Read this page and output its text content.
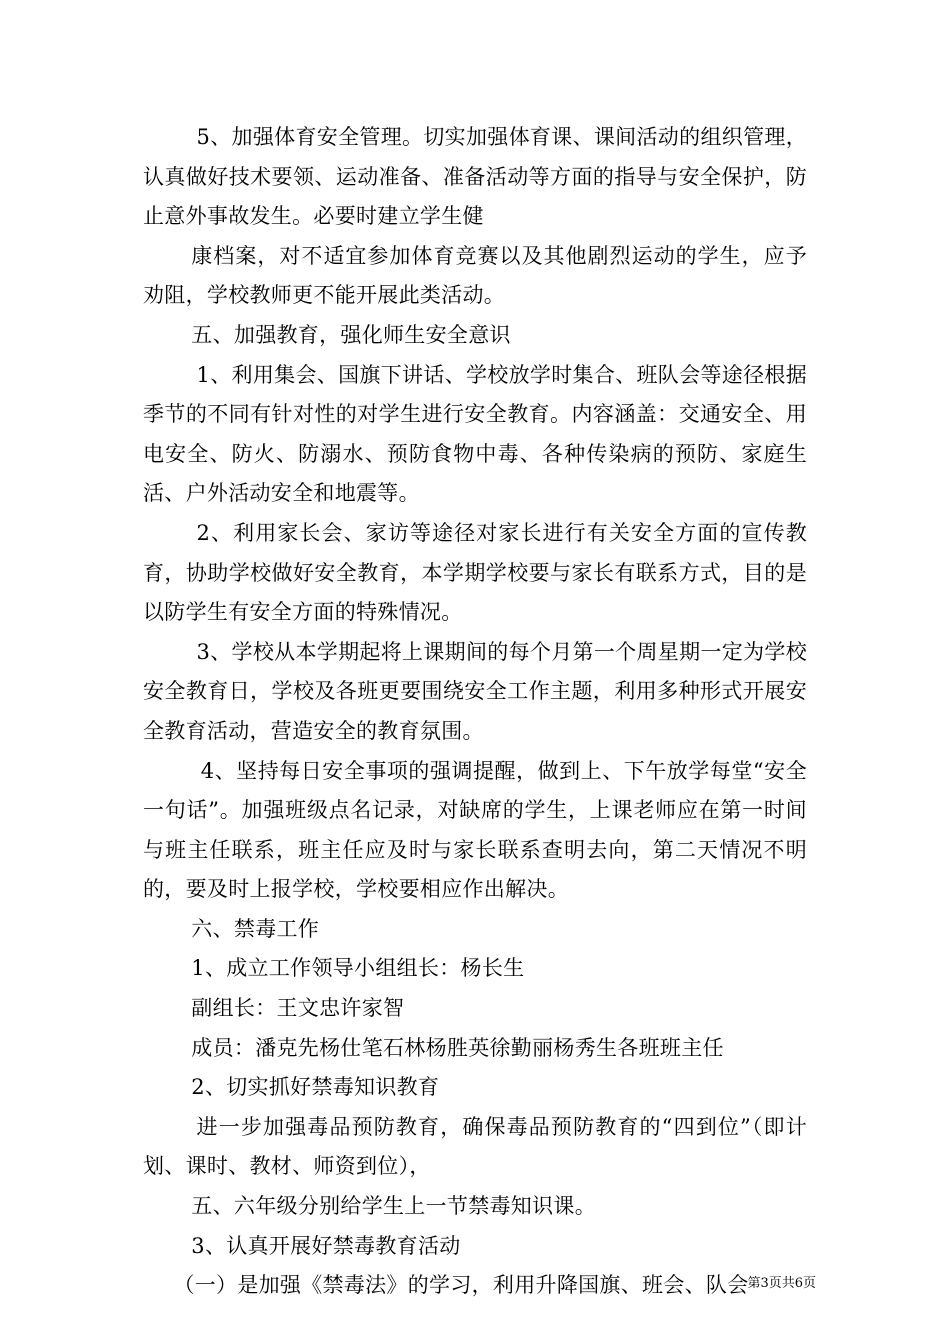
5、加强体育安全管理。切实加强体育课、课间活动的组织管理，认真做好技术要领、运动准备、准备活动等方面的指导与安全保护，防止意外事故发生。必要时建立学生健

康档案，对不适宜参加体育竞赛以及其他剧烈运动的学生，应予劝阻，学校教师更不能开展此类活动。

五、加强教育，强化师生安全意识

1、利用集会、国旗下讲话、学校放学时集合、班队会等途径根据季节的不同有针对性的对学生进行安全教育。内容涵盖：交通安全、用电安全、防火、防溺水、预防食物中毒、各种传染病的预防、家庭生活、户外活动安全和地震等。

2、利用家长会、家访等途径对家长进行有关安全方面的宣传教育，协助学校做好安全教育，本学期学校要与家长有联系方式，目的是以防学生有安全方面的特殊情况。

3、学校从本学期起将上课期间的每个月第一个周星期一定为学校安全教育日，学校及各班更要围绕安全工作主题，利用多种形式开展安全教育活动，营造安全的教育氛围。

4、坚持每日安全事项的强调提醒，做到上、下午放学每堂“安全一句话”。加强班级点名记录，对缺席的学生，上课老师应在第一时间与班主任联系，班主任应及时与家长联系查明去向，第二天情况不明的，要及时上报学校，学校要相应作出解决。

六、禁毒工作

1、成立工作领导小组组长：杨长生

副组长：王文忠许家智

成员：潘克先杨仕笔石林杨胜英徐勤丽杨秀生各班班主任

2、切实抓好禁毒知识教育

进一步加强毒品预防教育，确保毒品预防教育的“四到位”（即计划、课时、教材、师资到位），

五、六年级分别给学生上一节禁毒知识课。

3、认真开展好禁毒教育活动

（一）是加强《禁毒法》的学习，利用升降国旗、班会、队会

第3页共6页
